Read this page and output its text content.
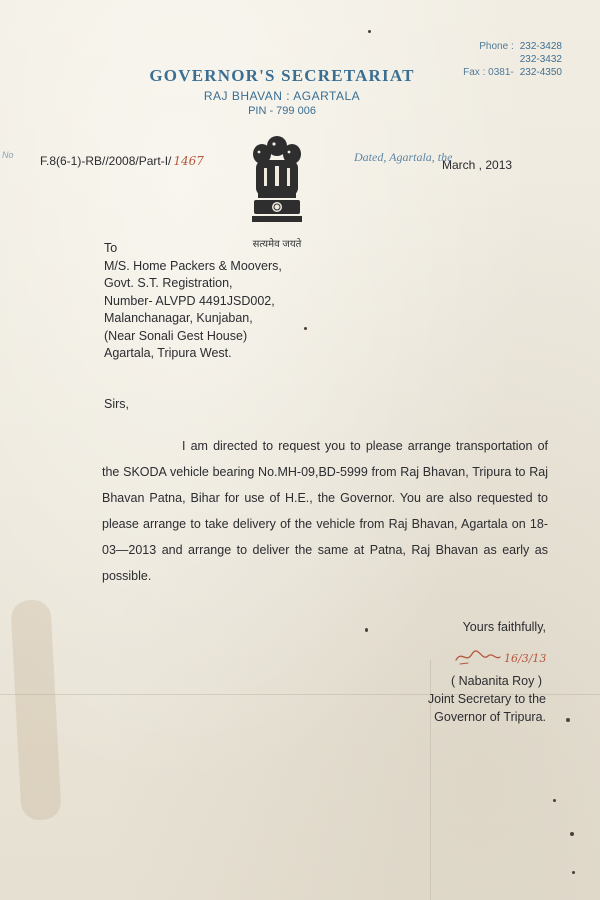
Phone : 232-3428
232-3432
Fax : 0381- 232-4350
GOVERNOR'S SECRETARIAT
RAJ BHAVAN : AGARTALA
PIN - 799 006
No F.8(6-1)-RB//2008/Part-I/ 1467	Dated, Agartala, the
March , 2013
सत्यमेव जयते
To
M/S. Home Packers & Moovers,
Govt. S.T. Registration,
Number- ALVPD 4491JSD002,
Malanchanagar, Kunjaban,
(Near Sonali Gest House)
Agartala, Tripura West.
Sirs,
I am directed to request you to please arrange transportation of the SKODA vehicle bearing No.MH-09,BD-5999 from Raj Bhavan, Tripura to Raj Bhavan Patna, Bihar for use of H.E., the Governor. You are also requested to please arrange to take delivery of the vehicle from Raj Bhavan, Agartala on 18-03—2013 and arrange to deliver the same at Patna, Raj Bhavan as early as possible.
Yours faithfully,
16/3/13
( Nabanita Roy )
Joint Secretary to the
Governor of Tripura.
